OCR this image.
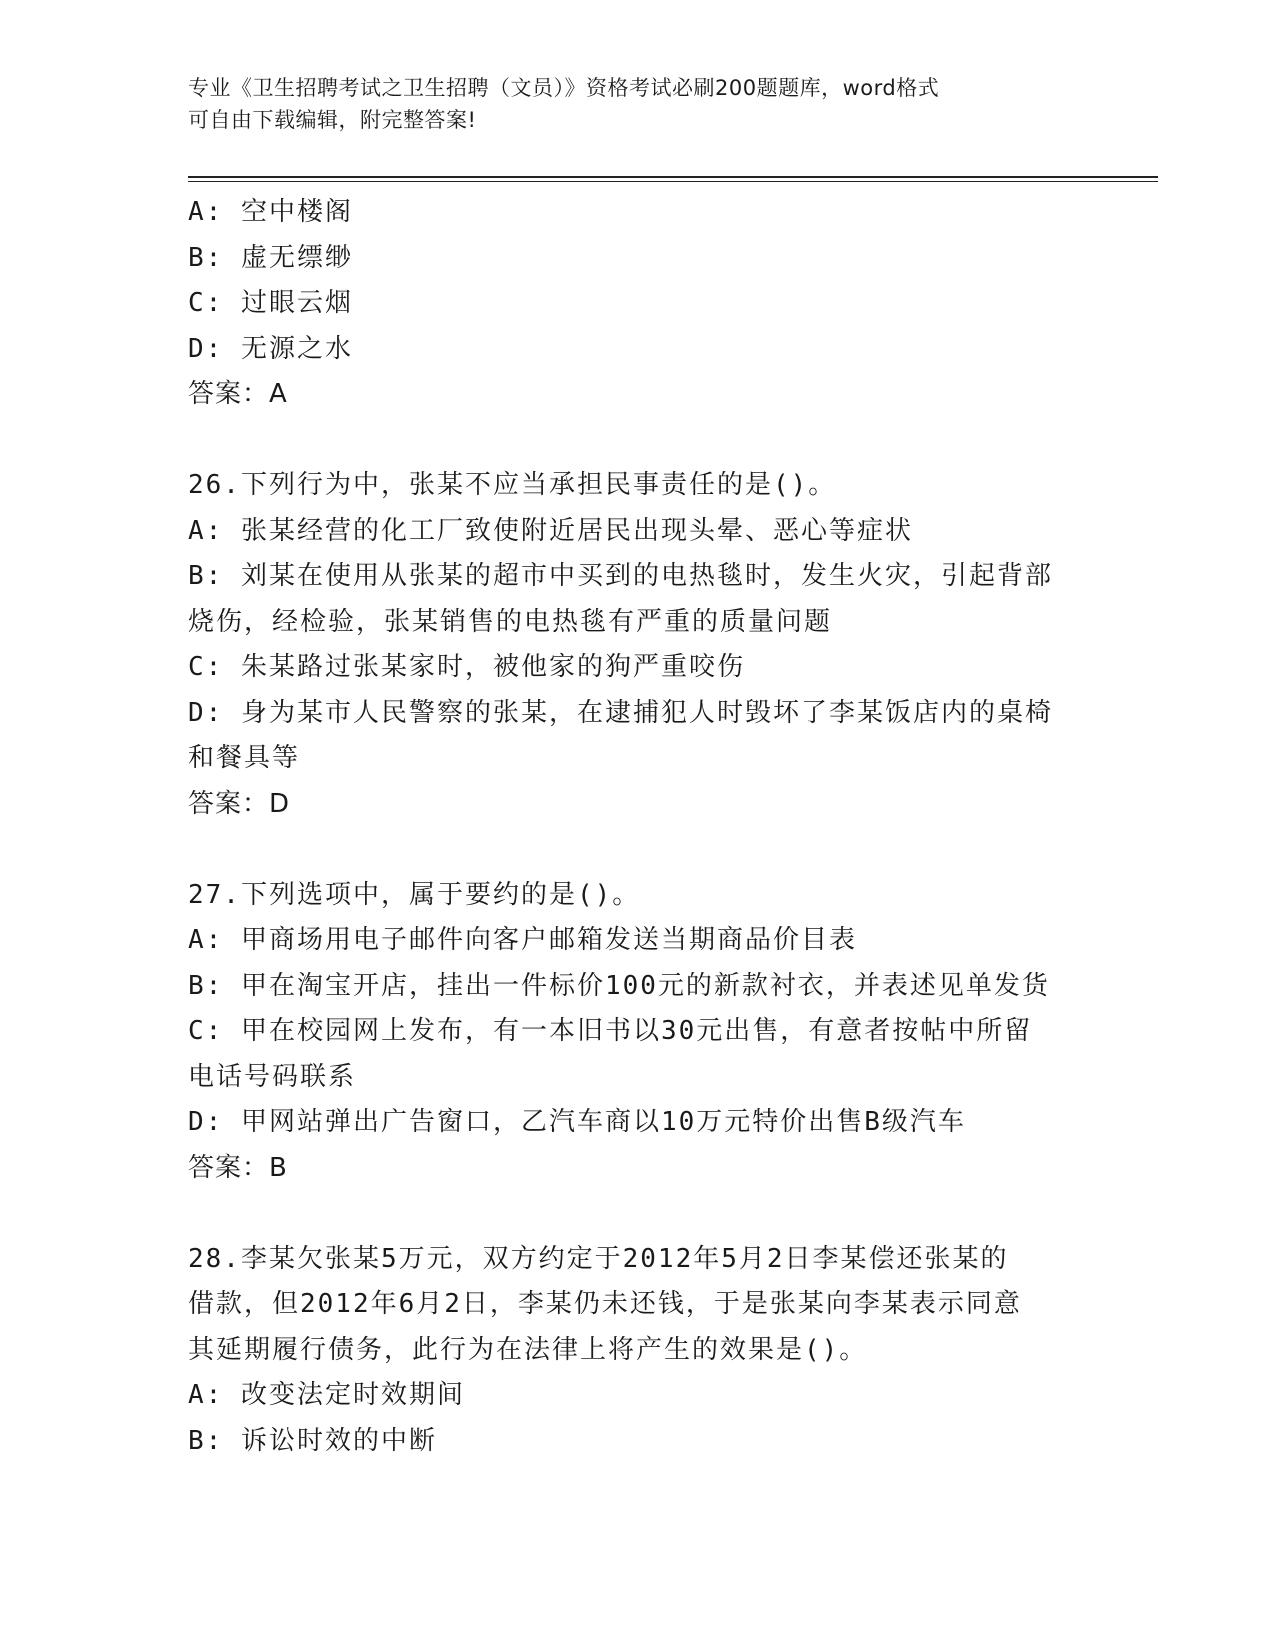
专业《卫生招聘考试之卫生招聘（文员）》资格考试必刷200题题库，word格式
可自由下载编辑，附完整答案!
A: 空中楼阁
B: 虚无缥缈
C: 过眼云烟
D: 无源之水
答案：A
26.下列行为中，张某不应当承担民事责任的是()。
A: 张某经营的化工厂致使附近居民出现头晕、恶心等症状
B: 刘某在使用从张某的超市中买到的电热毯时，发生火灾，引起背部
烧伤，经检验，张某销售的电热毯有严重的质量问题
C: 朱某路过张某家时，被他家的狗严重咬伤
D: 身为某市人民警察的张某，在逮捕犯人时毁坏了李某饭店内的桌椅
和餐具等
答案：D
27.下列选项中，属于要约的是()。
A: 甲商场用电子邮件向客户邮箱发送当期商品价目表
B: 甲在淘宝开店，挂出一件标价100元的新款衬衣，并表述见单发货
C: 甲在校园网上发布，有一本旧书以30元出售，有意者按帖中所留
电话号码联系
D: 甲网站弹出广告窗口，乙汽车商以10万元特价出售B级汽车
答案：B
28.李某欠张某5万元，双方约定于2012年5月2日李某偿还张某的
借款，但2012年6月2日，李某仍未还钱，于是张某向李某表示同意
其延期履行债务，此行为在法律上将产生的效果是()。
A: 改变法定时效期间
B: 诉讼时效的中断
